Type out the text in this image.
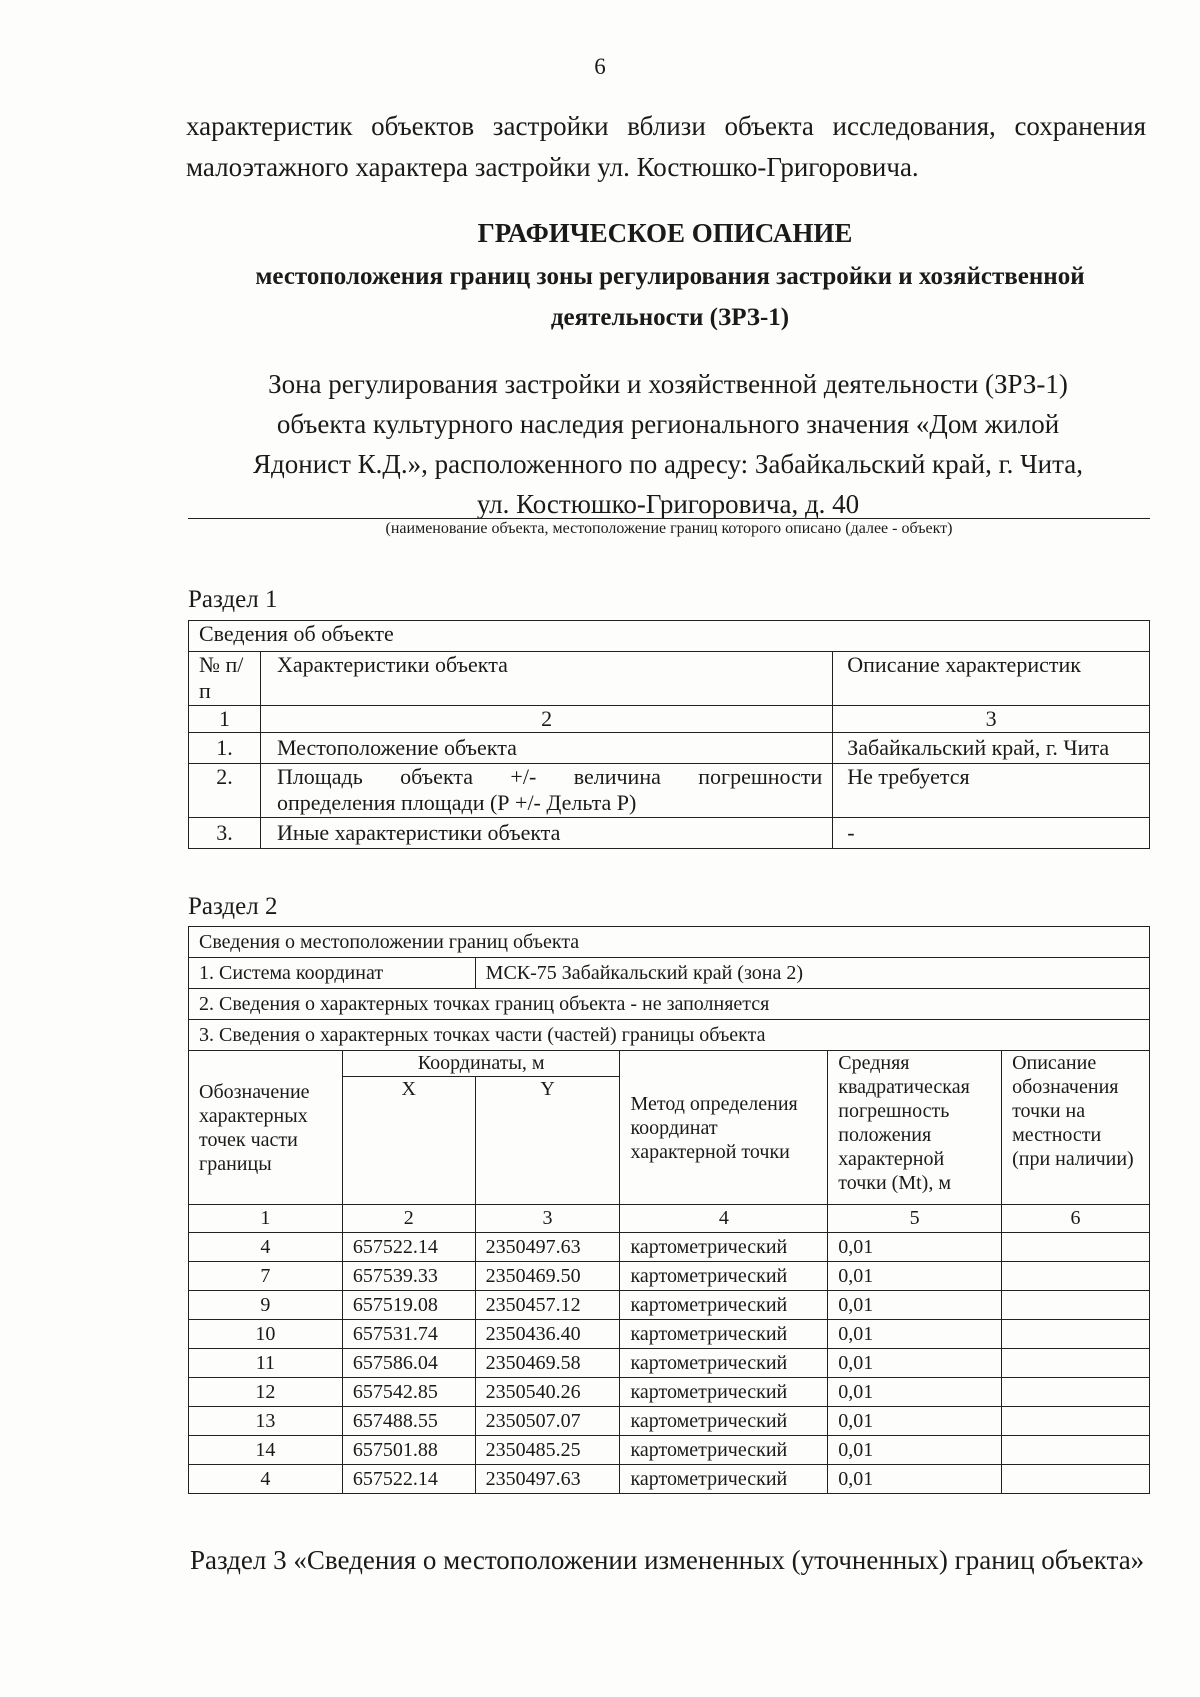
6
характеристик объектов застройки вблизи объекта исследования, сохранения малоэтажного характера застройки ул. Костюшко-Григоровича.
ГРАФИЧЕСКОЕ ОПИСАНИЕ
местоположения границ зоны регулирования застройки и хозяйственной деятельности (ЗРЗ-1)
Зона регулирования застройки и хозяйственной деятельности (ЗРЗ-1)
объекта культурного наследия регионального значения «Дом жилой
Ядонист К.Д.», расположенного по адресу: Забайкальский край, г. Чита,
ул. Костюшко-Григоровича, д. 40
(наименование объекта, местоположение границ которого описано (далее - объект)
Раздел 1
Сведения об объекте		
№ п/п	Характеристики объекта	Описание характеристик
1	2	3
1.	Местоположение объекта	Забайкальский край, г. Чита
2.	Площадь объекта +/- величина погрешности
определения площади (Р +/- Дельта Р)	Не требуется
3.	Иные характеристики объекта	-
Раздел 2
Сведения о местоположении границ объекта					
1. Система координат		МСК-75 Забайкальский край (зона 2)			
2. Сведения о характерных точках границ объекта - не заполняется					
3. Сведения о характерных точках части (частей) границы объекта					
Обозначение характерных точек части границы	Координаты, м		Метод определения координат характерной точки	Средняя квадратическая погрешность положения характерной точки (Mt), м	Описание обозначения точки на местности (при наличии)
	X	Y			
1	2	3	4	5	6
4	657522.14	2350497.63	картометрический	0,01	
7	657539.33	2350469.50	картометрический	0,01	
9	657519.08	2350457.12	картометрический	0,01	
10	657531.74	2350436.40	картометрический	0,01	
11	657586.04	2350469.58	картометрический	0,01	
12	657542.85	2350540.26	картометрический	0,01	
13	657488.55	2350507.07	картометрический	0,01	
14	657501.88	2350485.25	картометрический	0,01	
4	657522.14	2350497.63	картометрический	0,01	
Раздел 3 «Сведения о местоположении измененных (уточненных) границ объекта»
